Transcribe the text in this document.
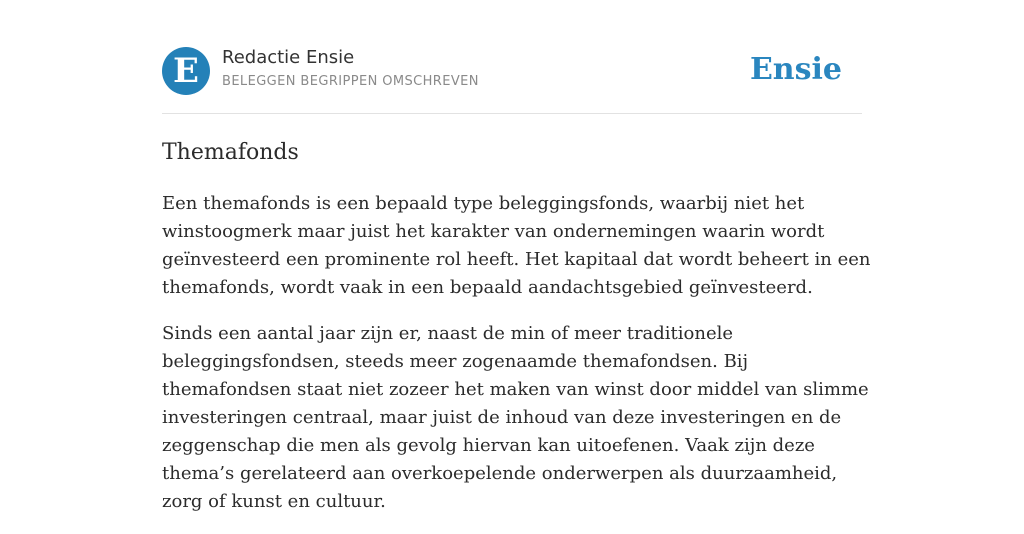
E	Redactie Ensie
BELEGGEN BEGRIPPEN OMSCHREVEN	Ensie
Themafonds

Een themafonds is een bepaald type beleggingsfonds, waarbij niet het winstoogmerk maar juist het karakter van ondernemingen waarin wordt geïnvesteerd een prominente rol heeft. Het kapitaal dat wordt beheert in een themafonds, wordt vaak in een bepaald aandachtsgebied geïnvesteerd.

Sinds een aantal jaar zijn er, naast de min of meer traditionele beleggingsfondsen, steeds meer zogenaamde themafondsen. Bij themafondsen staat niet zozeer het maken van winst door middel van slimme investeringen centraal, maar juist de inhoud van deze investeringen en de zeggenschap die men als gevolg hiervan kan uitoefenen. Vaak zijn deze thema’s gerelateerd aan overkoepelende onderwerpen als duurzaamheid, zorg of kunst en cultuur.
